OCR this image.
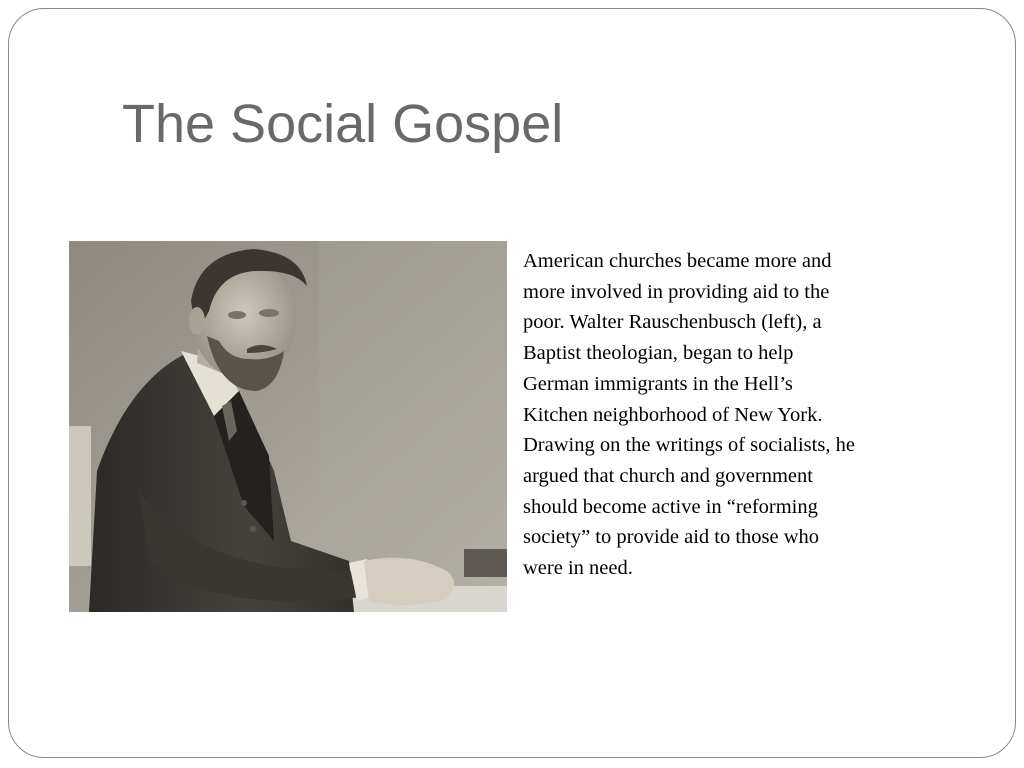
The Social Gospel

American churches became more and
more involved in providing aid to the
poor. Walter Rauschenbusch (left), a
Baptist theologian, began to help
German immigrants in the Hell’s
Kitchen neighborhood of New York.
Drawing on the writings of socialists, he
argued that church and government
should become active in “reforming
society” to provide aid to those who
were in need.
